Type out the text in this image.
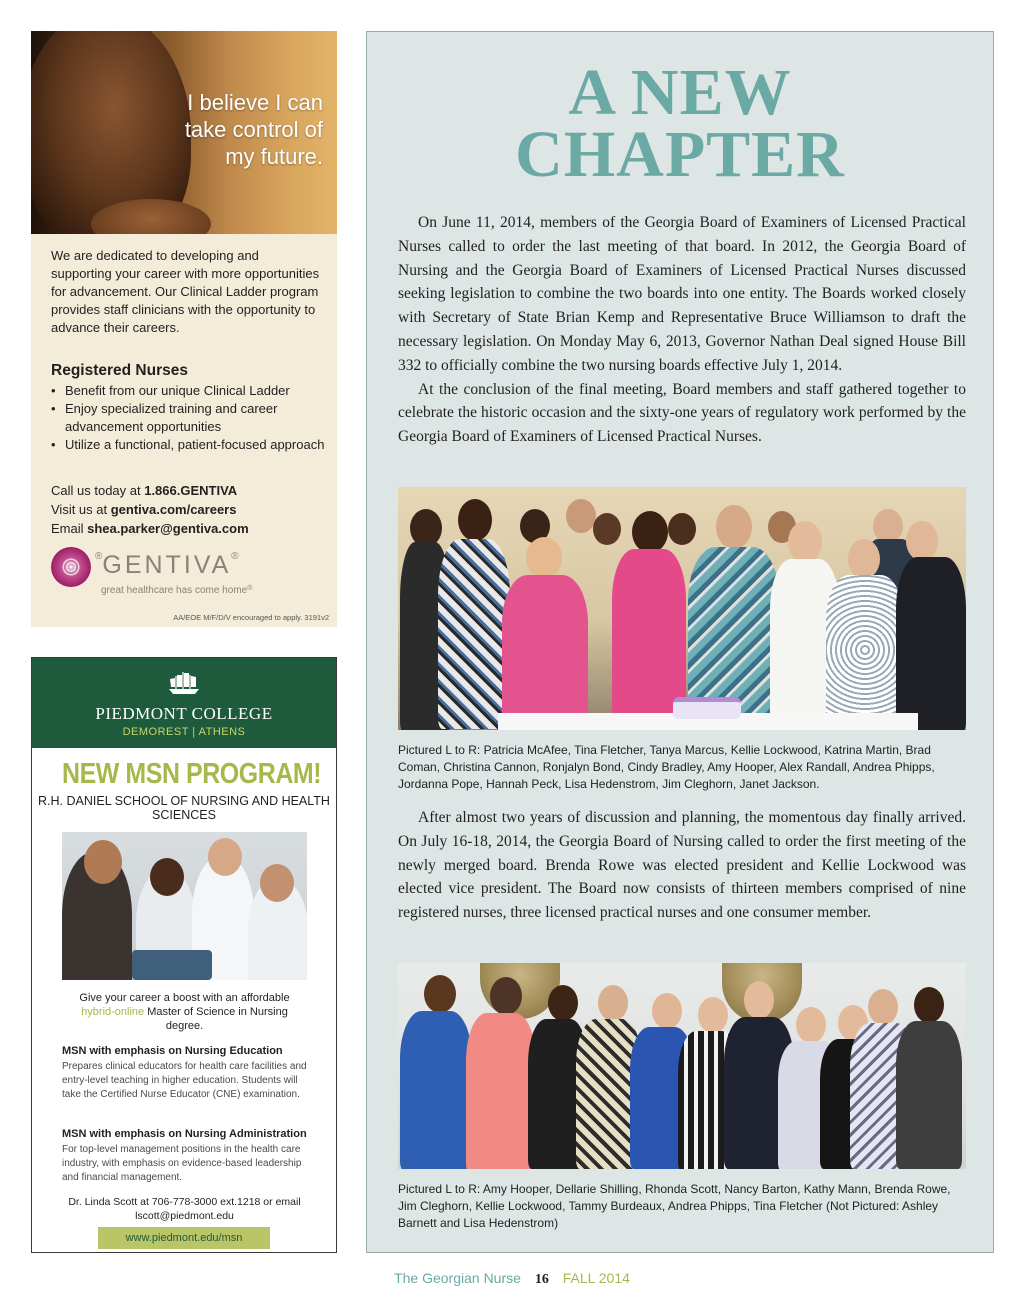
I believe I can take control of my future.
We are dedicated to developing and supporting your career with more opportunities for advancement. Our Clinical Ladder program provides staff clinicians with the opportunity to advance their careers.
Registered Nurses
• Benefit from our unique Clinical Ladder
• Enjoy specialized training and career advancement opportunities
• Utilize a functional, patient-focused approach
Call us today at 1.866.GENTIVA
Visit us at gentiva.com/careers
Email shea.parker@gentiva.com
®GENTIVA®
great healthcare has come home®
AA/EOE M/F/D/V encouraged to apply. 3191v2
PIEDMONT COLLEGE
DEMOREST | ATHENS
NEW MSN PROGRAM!
R.H. DANIEL SCHOOL OF NURSING AND HEALTH SCIENCES
Give your career a boost with an affordable hybrid-online Master of Science in Nursing degree.
MSN with emphasis on Nursing Education
Prepares clinical educators for health care facilities and entry-level teaching in higher education. Students will take the Certified Nurse Educator (CNE) examination.
MSN with emphasis on Nursing Administration
For top-level management positions in the health care industry, with emphasis on evidence-based leadership and financial management.
Dr. Linda Scott at 706-778-3000 ext.1218 or email lscott@piedmont.edu
www.piedmont.edu/msn
A NEW
CHAPTER

On June 11, 2014, members of the Georgia Board of Examiners of Licensed Practical Nurses called to order the last meeting of that board. In 2012, the Georgia Board of Nursing and the Georgia Board of Examiners of Licensed Practical Nurses discussed seeking legislation to combine the two boards into one entity. The Boards worked closely with Secretary of State Brian Kemp and Representative Bruce Williamson to draft the necessary legislation. On Monday May 6, 2013, Governor Nathan Deal signed House Bill 332 to officially combine the two nursing boards effective July 1, 2014.

At the conclusion of the final meeting, Board members and staff gathered together to celebrate the historic occasion and the sixty-one years of regulatory work performed by the Georgia Board of Examiners of Licensed Practical Nurses.

Pictured L to R: Patricia McAfee, Tina Fletcher, Tanya Marcus, Kellie Lockwood, Katrina Martin, Brad Coman, Christina Cannon, Ronjalyn Bond, Cindy Bradley, Amy Hooper, Alex Randall, Andrea Phipps, Jordanna Pope, Hannah Peck, Lisa Hedenstrom, Jim Cleghorn, Janet Jackson.

After almost two years of discussion and planning, the momentous day finally arrived. On July 16-18, 2014, the Georgia Board of Nursing called to order the first meeting of the newly merged board. Brenda Rowe was elected president and Kellie Lockwood was elected vice president. The Board now consists of thirteen members comprised of nine registered nurses, three licensed practical nurses and one consumer member.

Pictured L to R: Amy Hooper, Dellarie Shilling, Rhonda Scott, Nancy Barton, Kathy Mann, Brenda Rowe, Jim Cleghorn, Kellie Lockwood, Tammy Burdeaux, Andrea Phipps, Tina Fletcher (Not Pictured: Ashley Barnett and Lisa Hedenstrom)
The Georgian Nurse 16 FALL 2014
